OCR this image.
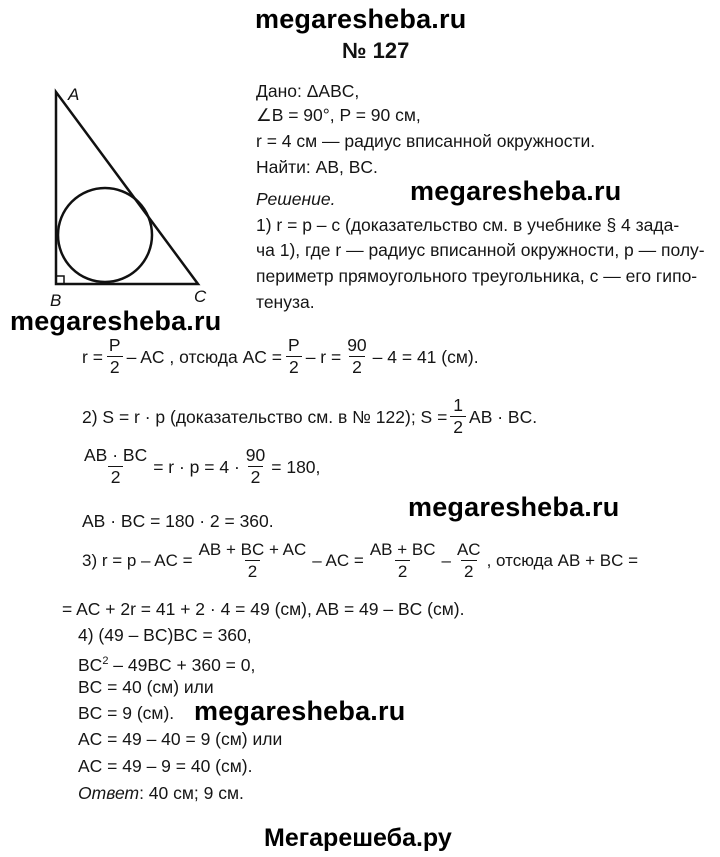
megaresheba.ru
№ 127
A
B	C
Дано: ΔABC,
∠B = 90°, P = 90 см,
r = 4 см — радиус вписанной окружности.
Найти: AB, BC.
Решение.	megaresheba.ru
1) r = p – c (доказательство см. в учебнике § 4 зада-
ча 1), где r — радиус вписанной окружности, p — полу-
периметр прямоугольного треугольника, c — его гипо-
тенуза.
megaresheba.ru
$r = \frac{P}{2}$ – AC , отсюда AC = $\frac{P}{2} - r = \frac{90}{2} - 4 = 41$ (см).
2) S = r · p (доказательство см. в № 122); $S = \frac{1}{2}$ AB · BC.
$\frac{AB \cdot BC}{2} = r \cdot p = 4 \cdot \frac{90}{2} = 180$,
megaresheba.ru
AB · BC = 180 · 2 = 360.
3) r = p – AC = $\frac{AB + BC + AC}{2}$ – AC = $\frac{AB + BC}{2} - \frac{AC}{2}$ , отсюда AB + BC =
= AC + 2r = 41 + 2 · 4 = 49 (см), AB = 49 – BC (см).
4) (49 – BC)BC = 360,
$BC^2 - 49BC + 360 = 0$,
BC = 40 (см) или
BC = 9 (см). megaresheba.ru
AC = 49 – 40 = 9 (см) или
AC = 49 – 9 = 40 (см).
Ответ: 40 см; 9 см.
Мегарешеба.ру
